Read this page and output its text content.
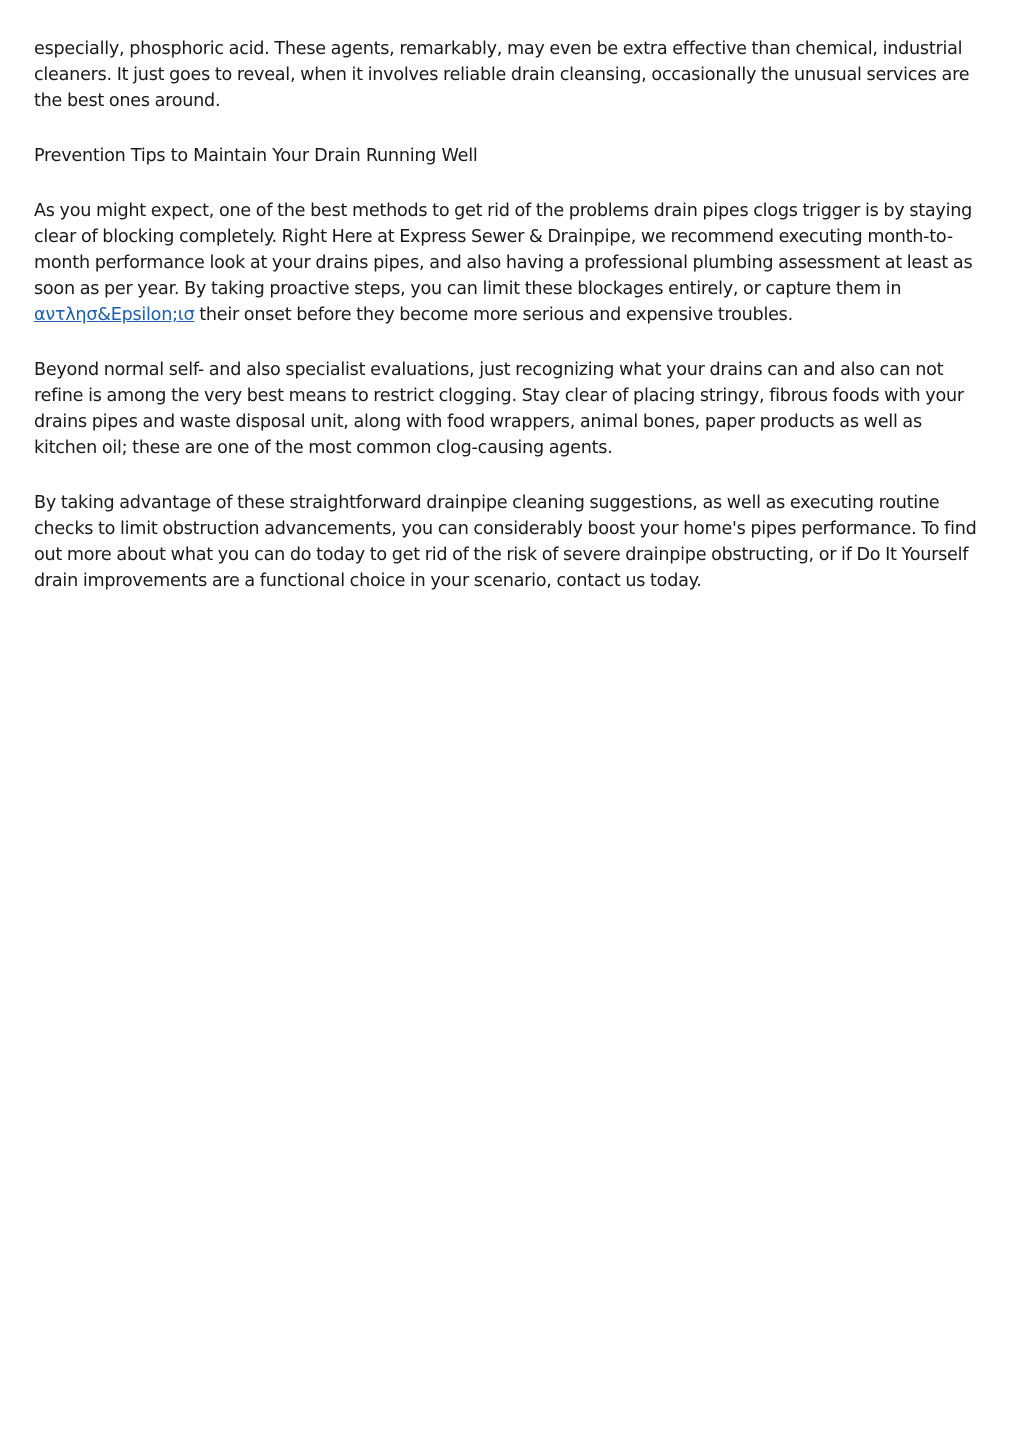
especially, phosphoric acid. These agents, remarkably, may even be extra effective than chemical, industrial cleaners. It just goes to reveal, when it involves reliable drain cleansing, occasionally the unusual services are the best ones around.

Prevention Tips to Maintain Your Drain Running Well

As you might expect, one of the best methods to get rid of the problems drain pipes clogs trigger is by staying clear of blocking completely. Right Here at Express Sewer & Drainpipe, we recommend executing month-to-month performance look at your drains pipes, and also having a professional plumbing assessment at least as soon as per year. By taking proactive steps, you can limit these blockages entirely, or capture them in αντλησ&Epsilon;ισ their onset before they become more serious and expensive troubles.

Beyond normal self- and also specialist evaluations, just recognizing what your drains can and also can not refine is among the very best means to restrict clogging. Stay clear of placing stringy, fibrous foods with your drains pipes and waste disposal unit, along with food wrappers, animal bones, paper products as well as kitchen oil; these are one of the most common clog-causing agents.

By taking advantage of these straightforward drainpipe cleaning suggestions, as well as executing routine checks to limit obstruction advancements, you can considerably boost your home's pipes performance. To find out more about what you can do today to get rid of the risk of severe drainpipe obstructing, or if Do It Yourself drain improvements are a functional choice in your scenario, contact us today.
